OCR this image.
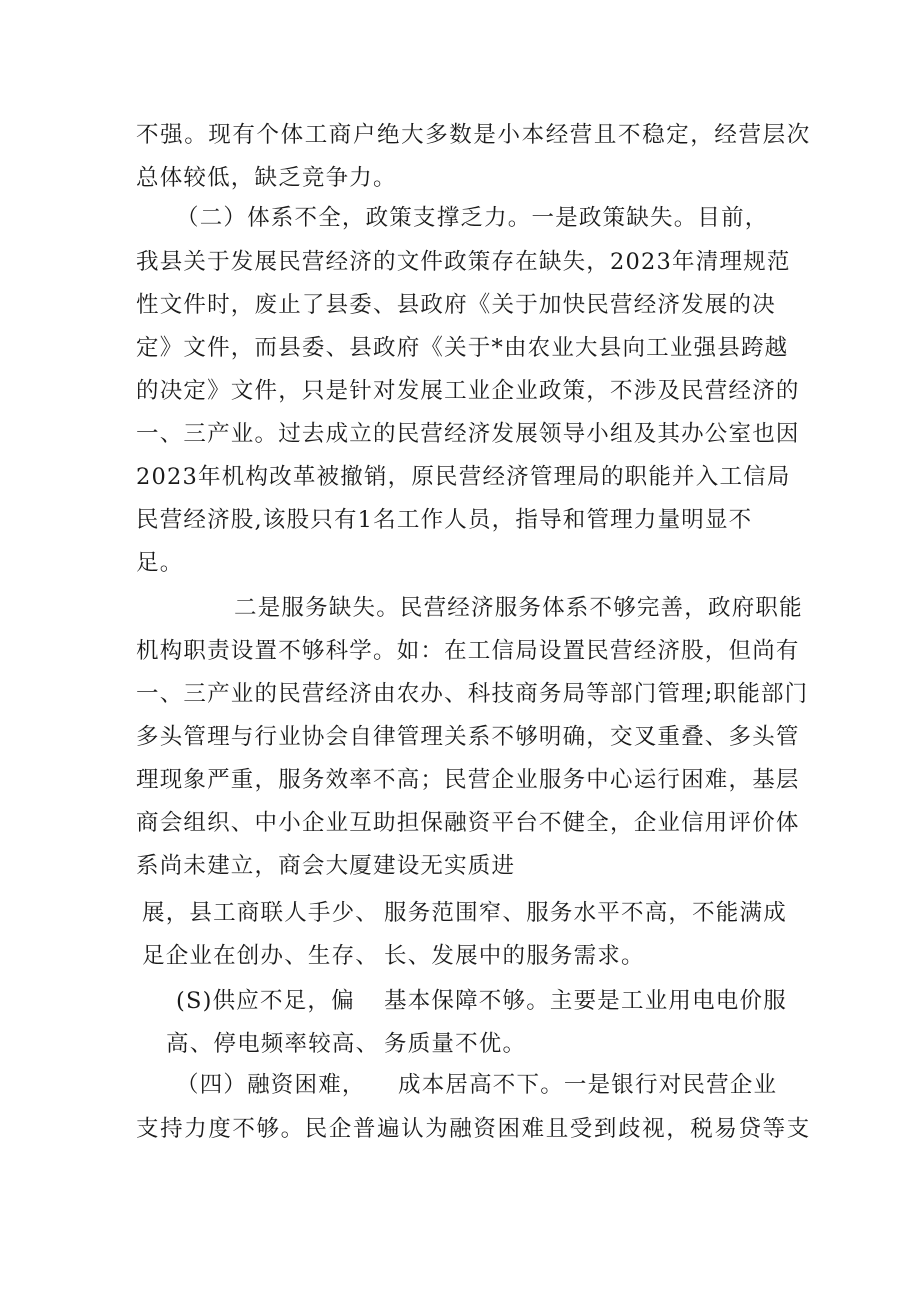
不强。现有个体工商户绝大多数是小本经营且不稳定，经营层次
总体较低，缺乏竞争力。
（二）体系不全，政策支撑乏力。一是政策缺失。目前，
我县关于发展民营经济的文件政策存在缺失，2023年清理规范
性文件时，废止了县委、县政府《关于加快民营经济发展的决
定》文件，而县委、县政府《关于*由农业大县向工业强县跨越
的决定》文件，只是针对发展工业企业政策，不涉及民营经济的
一、三产业。过去成立的民营经济发展领导小组及其办公室也因
2023年机构改革被撤销，原民营经济管理局的职能并入工信局
民营经济股,该股只有1名工作人员，指导和管理力量明显不
足。
二是服务缺失。民营经济服务体系不够完善，政府职能
机构职责设置不够科学。如：在工信局设置民营经济股，但尚有
一、三产业的民营经济由农办、科技商务局等部门管理;职能部门
多头管理与行业协会自律管理关系不够明确，交叉重叠、多头管
理现象严重，服务效率不高；民营企业服务中心运行困难，基层
商会组织、中小企业互助担保融资平台不健全，企业信用评价体
系尚未建立，商会大厦建设无实质进
展，县工商联人手少、 服务范围窄、服务水平不高，不能满成
足企业在创办、生存、 长、发展中的服务需求。
(S)供应不足，偏 基本保障不够。主要是工业用电电价服
高、停电频率较高、 务质量不优。
（四）融资困难， 成本居高不下。一是银行对民营企业
支持力度不够。民企普遍认为融资困难且受到歧视，税易贷等支
